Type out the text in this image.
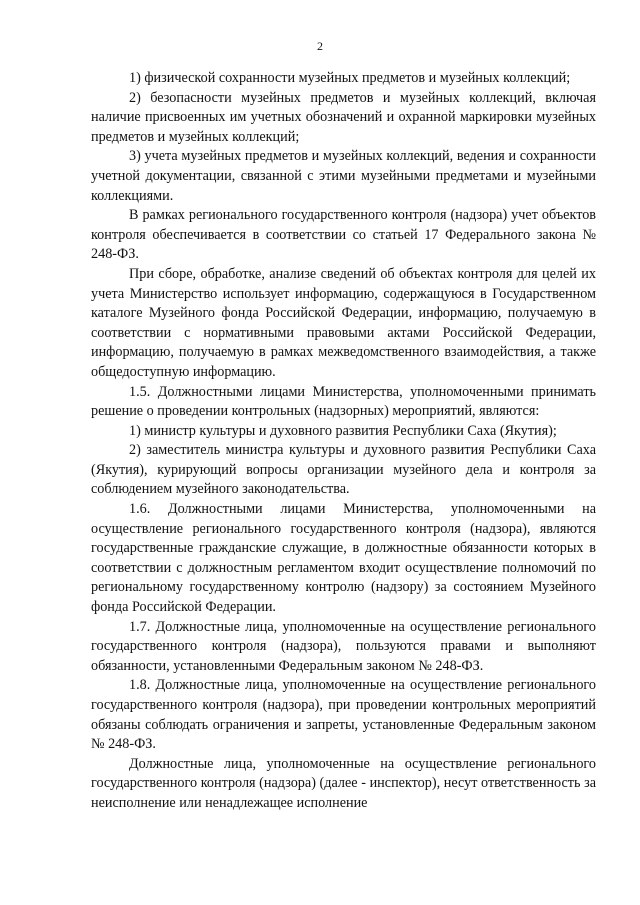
2

1) физической сохранности музейных предметов и музейных коллекций;

2) безопасности музейных предметов и музейных коллекций, включая наличие присвоенных им учетных обозначений и охранной маркировки музейных предметов и музейных коллекций;

3) учета музейных предметов и музейных коллекций, ведения и сохранности учетной документации, связанной с этими музейными предметами и музейными коллекциями.

В рамках регионального государственного контроля (надзора) учет объектов контроля обеспечивается в соответствии со статьей 17 Федерального закона № 248-ФЗ.

При сборе, обработке, анализе сведений об объектах контроля для целей их учета Министерство использует информацию, содержащуюся в Государственном каталоге Музейного фонда Российской Федерации, информацию, получаемую в соответствии с нормативными правовыми актами Российской Федерации, информацию, получаемую в рамках межведомственного взаимодействия, а также общедоступную информацию.

1.5. Должностными лицами Министерства, уполномоченными принимать решение о проведении контрольных (надзорных) мероприятий, являются:

1) министр культуры и духовного развития Республики Саха (Якутия);

2) заместитель министра культуры и духовного развития Республики Саха (Якутия), курирующий вопросы организации музейного дела и контроля за соблюдением музейного законодательства.

1.6. Должностными лицами Министерства, уполномоченными на осуществление регионального государственного контроля (надзора), являются государственные гражданские служащие, в должностные обязанности которых в соответствии с должностным регламентом входит осуществление полномочий по региональному государственному контролю (надзору) за состоянием Музейного фонда Российской Федерации.

1.7. Должностные лица, уполномоченные на осуществление регионального государственного контроля (надзора), пользуются правами и выполняют обязанности, установленными Федеральным законом № 248-ФЗ.

1.8. Должностные лица, уполномоченные на осуществление регионального государственного контроля (надзора), при проведении контрольных мероприятий обязаны соблюдать ограничения и запреты, установленные Федеральным законом № 248-ФЗ.

Должностные лица, уполномоченные на осуществление регионального государственного контроля (надзора) (далее - инспектор), несут ответственность за неисполнение или ненадлежащее исполнение
